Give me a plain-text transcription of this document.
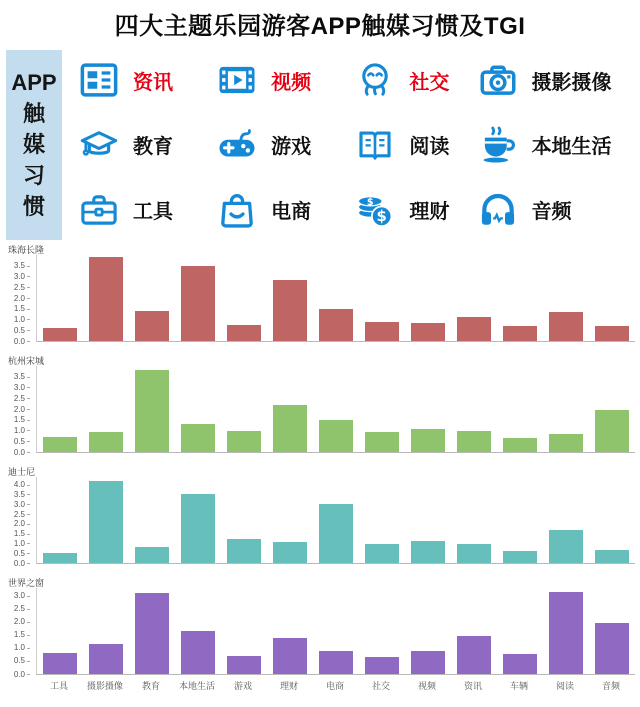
四大主题乐园游客APP触媒习惯及TGI
APP
触
媒
习
惯
资讯	视频	社交	摄影摄像
教育	游戏	阅读	本地生活
工具	电商	理财	音频
珠海长隆
0.0
0.5
1.0
1.5
2.0
2.5
3.0
3.5
杭州宋城
0.0
0.5
1.0
1.5
2.0
2.5
3.0
3.5
迪士尼
0.0
0.5
1.0
1.5
2.0
2.5
3.0
3.5
4.0
世界之窗
0.0
0.5
1.0
1.5
2.0
2.5
3.0
工具	摄影摄像	教育	本地生活	游戏	理财	电商	社交	视频	资讯	车辆	阅读	音频
